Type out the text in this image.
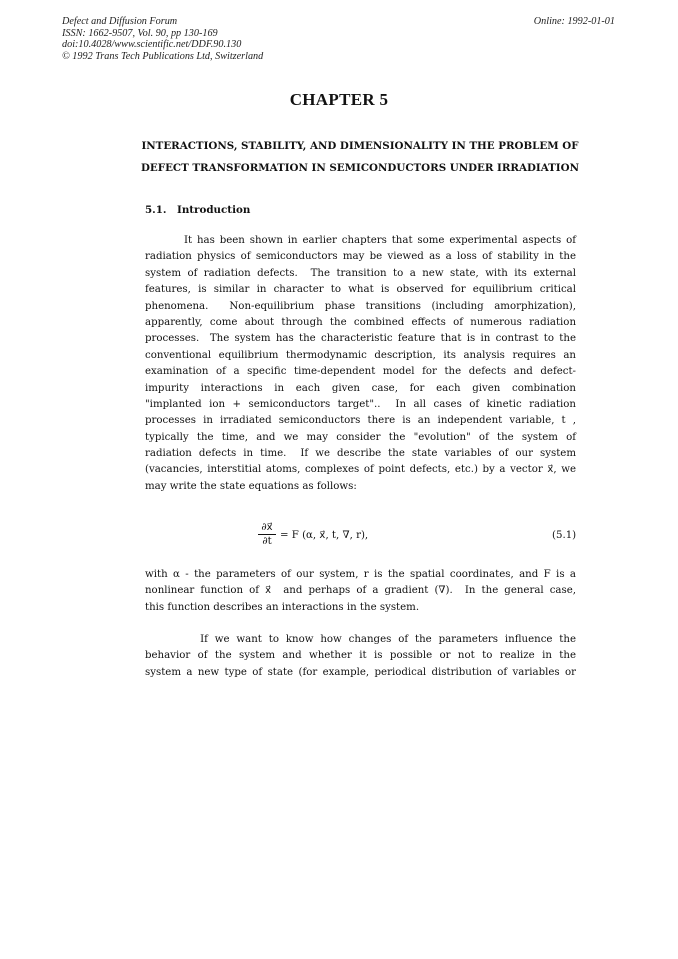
Defect and Diffusion Forum
ISSN: 1662-9507, Vol. 90, pp 130-169
doi:10.4028/www.scientific.net/DDF.90.130
© 1992 Trans Tech Publications Ltd, Switzerland
Online: 1992-01-01
CHAPTER 5
INTERACTIONS, STABILITY, AND DIMENSIONALITY IN THE PROBLEM OF
DEFECT TRANSFORMATION IN SEMICONDUCTORS UNDER IRRADIATION
5.1. Introduction
It has been shown in earlier chapters that some experimental aspects of
radiation physics of semiconductors may be viewed as a loss of stability in the
system of radiation defects.  The transition to a new state, with its external
features, is similar in character to what is observed for equilibrium critical
phenomena.  Non-equilibrium phase transitions (including amorphization),
apparently, come about through the combined effects of numerous radiation
processes.  The system has the characteristic feature that is in contrast to the
conventional equilibrium thermodynamic description, its analysis requires an
examination of a specific time-dependent model for the defects and defect-
impurity interactions in each given case, for each given combination
"implanted ion + semiconductors target"..  In all cases of kinetic radiation
processes in irradiated semiconductors there is an independent variable, t ,
typically the time, and we may consider the "evolution" of the system of
radiation defects in time.  If we describe the state variables of our system
(vacancies, interstitial atoms, complexes of point defects, etc.) by a vector x⃗, we
may write the state equations as follows:
∂x⃗
∂t
= F (α, x⃗, t, ∇, r),	(5.1)
with α - the parameters of our system, r is the spatial coordinates, and F is a
nonlinear function of x⃗  and perhaps of a gradient (∇).  In the general case,
this function describes an interactions in the system.
If we want to know how changes of the parameters influence the
behavior of the system and whether it is possible or not to realize in the
system a new type of state (for example, periodical distribution of variables or
